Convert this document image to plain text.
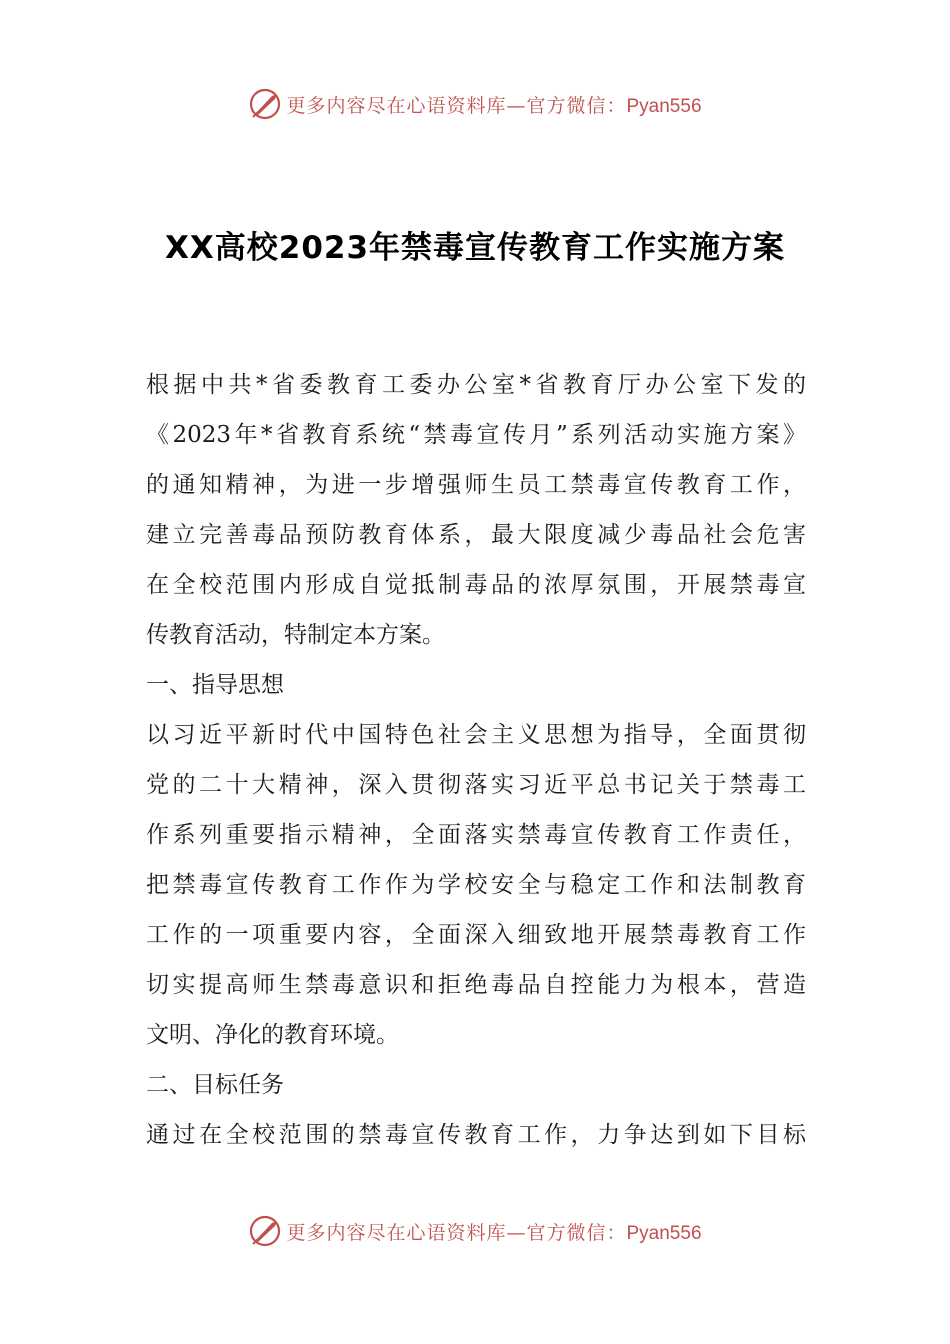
更多内容尽在心语资料库—官方微信：Pyan556
XX高校2023年禁毒宣传教育工作实施方案
根据中共*省委教育工委办公室*省教育厅办公室下发的
《2023年*省教育系统“禁毒宣传月”系列活动实施方案》
的通知精神，为进一步增强师生员工禁毒宣传教育工作，
建立完善毒品预防教育体系，最大限度减少毒品社会危害
在全校范围内形成自觉抵制毒品的浓厚氛围，开展禁毒宣
传教育活动，特制定本方案。
一、指导思想
以习近平新时代中国特色社会主义思想为指导，全面贯彻
党的二十大精神，深入贯彻落实习近平总书记关于禁毒工
作系列重要指示精神，全面落实禁毒宣传教育工作责任，
把禁毒宣传教育工作作为学校安全与稳定工作和法制教育
工作的一项重要内容，全面深入细致地开展禁毒教育工作
切实提高师生禁毒意识和拒绝毒品自控能力为根本，营造
文明、净化的教育环境。
二、目标任务
通过在全校范围的禁毒宣传教育工作，力争达到如下目标
更多内容尽在心语资料库—官方微信：Pyan556
